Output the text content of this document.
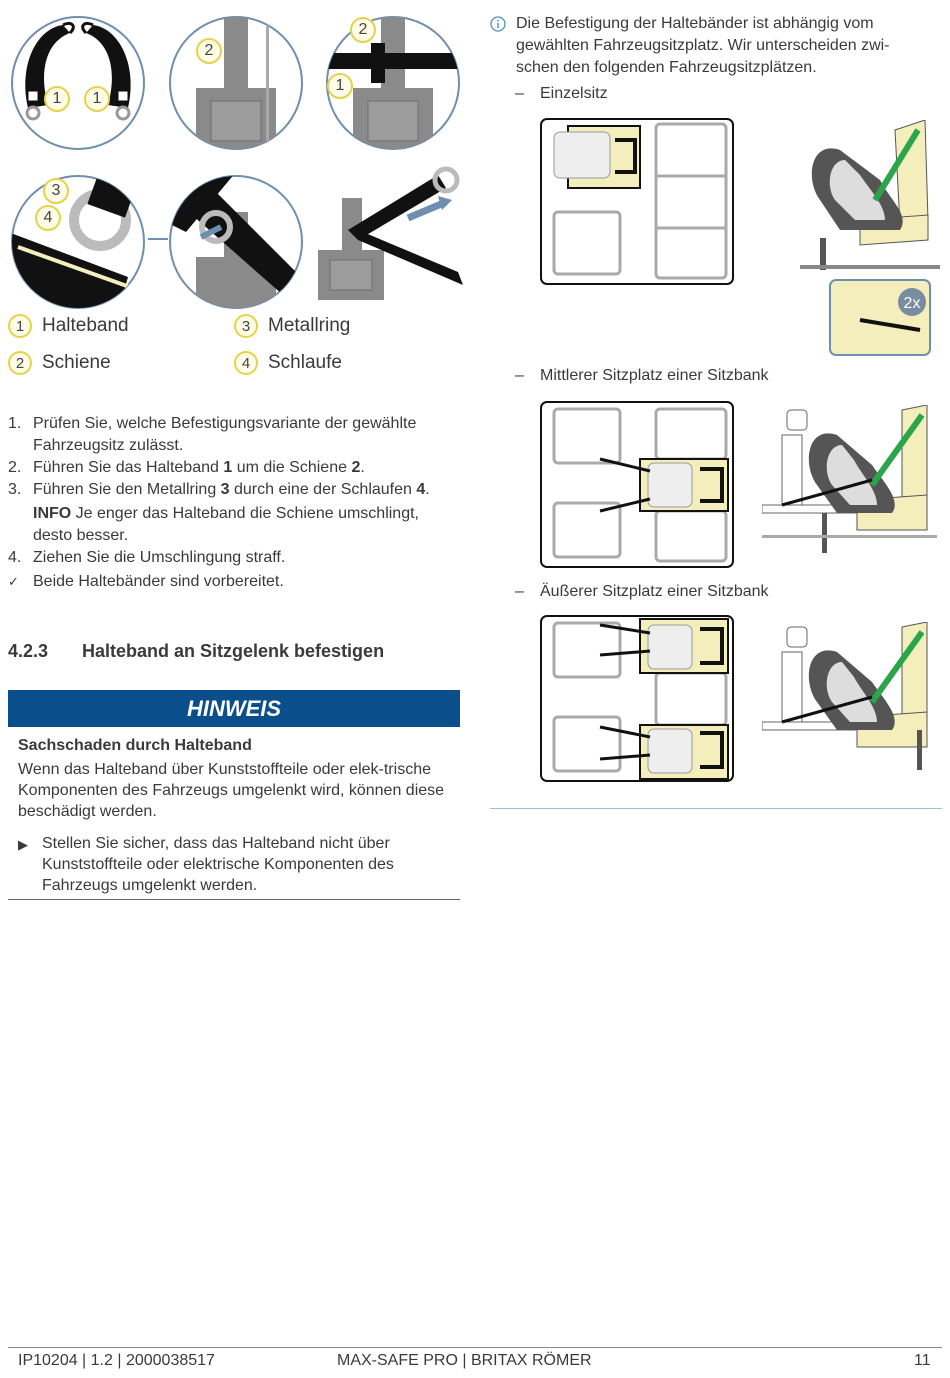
1	1
2
2
1
3
4
1 Halteband	3 Metallring
2 Schiene	4 Schlaufe
1. Prüfen Sie, welche Befestigungsvariante der gewählte Fahrzeugsitz zulässt.
2. Führen Sie das Halteband 1 um die Schiene 2.
3. Führen Sie den Metallring 3 durch eine der Schlaufen 4.
INFO Je enger das Halteband die Schiene umschlingt, desto besser.
4. Ziehen Sie die Umschlingung straff.
✓ Beide Haltebänder sind vorbereitet.
4.2.3 Halteband an Sitzgelenk befestigen
HINWEIS
Sachschaden durch Halteband
Wenn das Halteband über Kunststoffteile oder elek-trische Komponenten des Fahrzeugs umgelenkt wird, können diese beschädigt werden.
▶ Stellen Sie sicher, dass das Halteband nicht über Kunststoffteile oder elektrische Komponenten des Fahrzeugs umgelenkt werden.
Die Befestigung der Haltebänder ist abhängig vom gewählten Fahrzeugsitzplatz. Wir unterscheiden zwi-schen den folgenden Fahrzeugsitzplätzen.
–	Einzelsitz
2x
–	Mittlerer Sitzplatz einer Sitzbank
–	Äußerer Sitzplatz einer Sitzbank
IP10204 | 1.2 | 2000038517	MAX-SAFE PRO | BRITAX RÖMER	11
